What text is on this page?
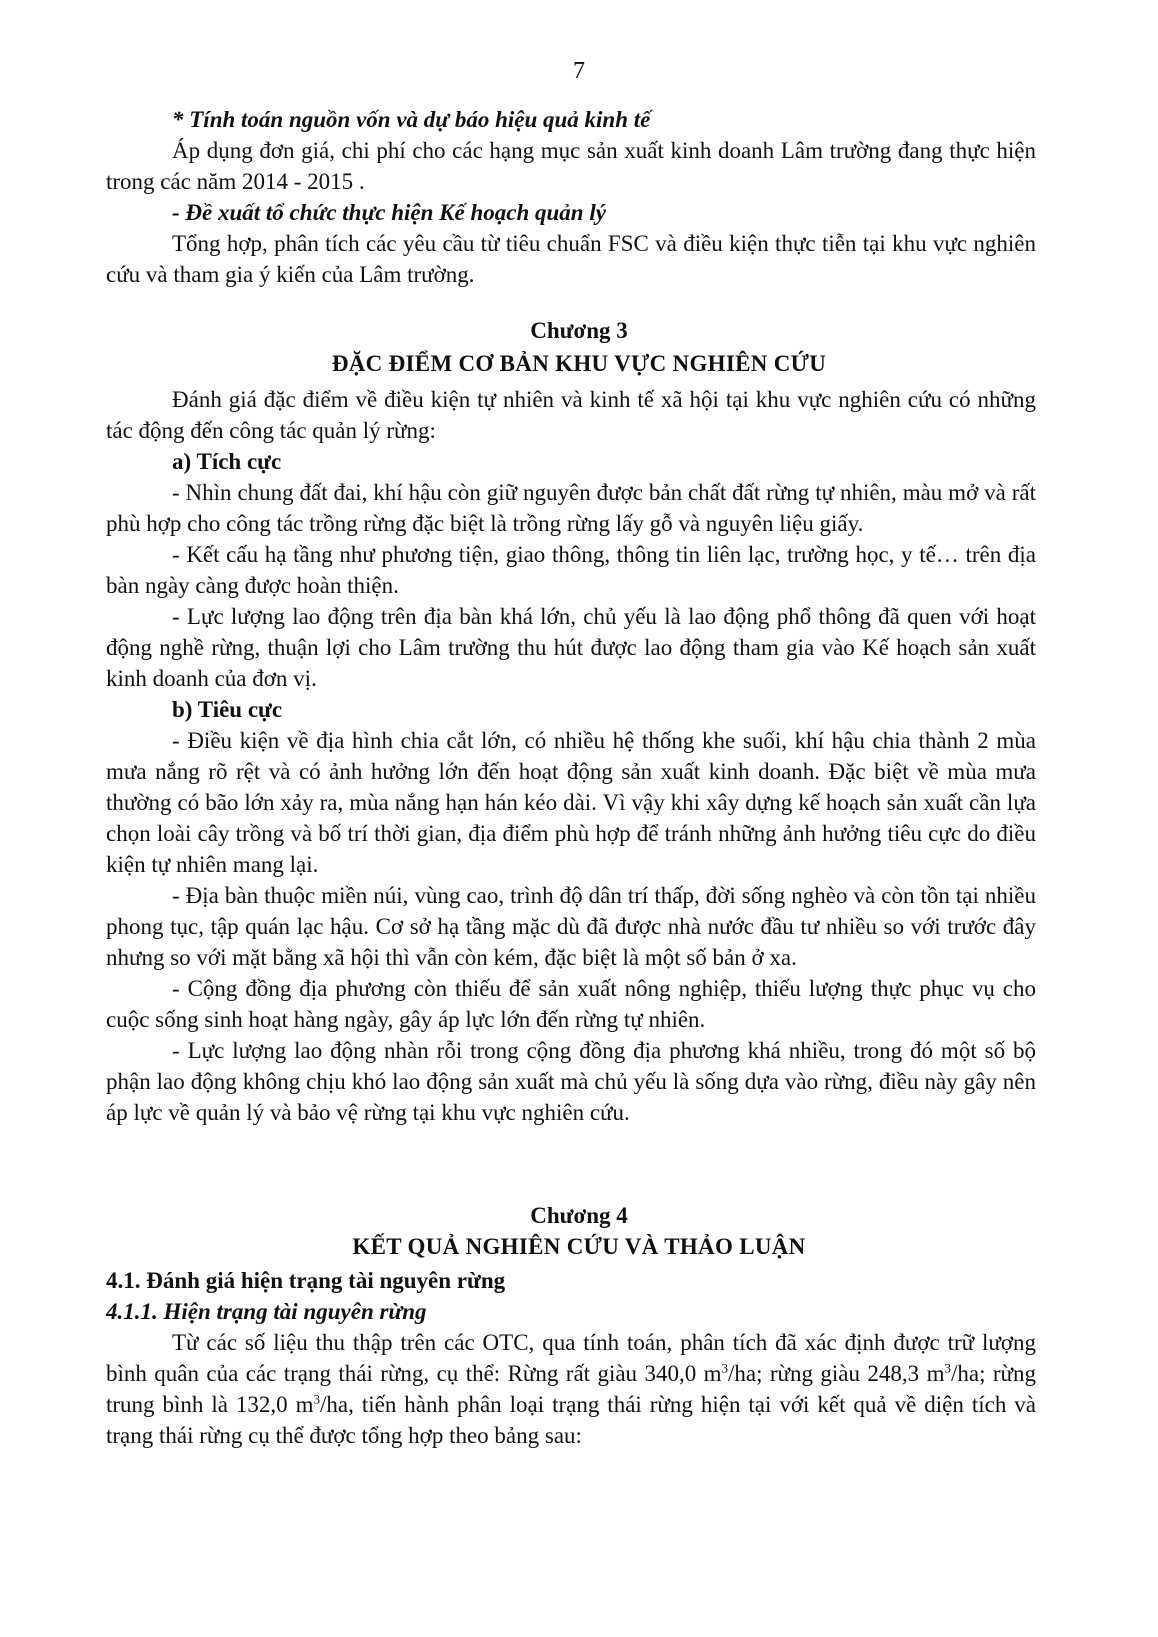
7
* Tính toán nguồn vốn và dự báo hiệu quả kinh tế
Áp dụng đơn giá, chi phí cho các hạng mục sản xuất kinh doanh Lâm trường đang thực hiện trong các năm 2014 - 2015 .
- Đề xuất tổ chức thực hiện Kế hoạch quản lý
Tổng hợp, phân tích các yêu cầu từ tiêu chuẩn FSC và điều kiện thực tiễn tại khu vực nghiên cứu và tham gia ý kiến của Lâm trường.
Chương 3
ĐẶC ĐIỂM CƠ BẢN KHU VỰC NGHIÊN CỨU
Đánh giá đặc điểm về điều kiện tự nhiên và kinh tế xã hội tại khu vực nghiên cứu có những tác động đến công tác quản lý rừng:
a) Tích cực
- Nhìn chung đất đai, khí hậu còn giữ nguyên được bản chất đất rừng tự nhiên, màu mở và rất phù hợp cho công tác trồng rừng đặc biệt là trồng rừng lấy gỗ và nguyên liệu giấy.
- Kết cấu hạ tầng như phương tiện, giao thông, thông tin liên lạc, trường học, y tế… trên địa bàn ngày càng được hoàn thiện.
- Lực lượng lao động trên địa bàn khá lớn, chủ yếu là lao động phổ thông đã quen với hoạt động nghề rừng, thuận lợi cho Lâm trường thu hút được lao động tham gia vào Kế hoạch sản xuất kinh doanh của đơn vị.
b) Tiêu cực
- Điều kiện về địa hình chia cắt lớn, có nhiều hệ thống khe suối, khí hậu chia thành 2 mùa mưa nắng rõ rệt và có ảnh hưởng lớn đến hoạt động sản xuất kinh doanh. Đặc biệt về mùa mưa thường có bão lớn xảy ra, mùa nắng hạn hán kéo dài. Vì vậy khi xây dựng kế hoạch sản xuất cần lựa chọn loài cây trồng và bố trí thời gian, địa điểm phù hợp để tránh những ảnh hưởng tiêu cực do điều kiện tự nhiên mang lại.
- Địa bàn thuộc miền núi, vùng cao, trình độ dân trí thấp, đời sống nghèo và còn tồn tại nhiều phong tục, tập quán lạc hậu. Cơ sở hạ tầng mặc dù đã được nhà nước đầu tư nhiều so với trước đây nhưng so với mặt bằng xã hội thì vẫn còn kém, đặc biệt là một số bản ở xa.
- Cộng đồng địa phương còn thiếu để sản xuất nông nghiệp, thiếu lượng thực phục vụ cho cuộc sống sinh hoạt hàng ngày, gây áp lực lớn đến rừng tự nhiên.
- Lực lượng lao động nhàn rỗi trong cộng đồng địa phương khá nhiều, trong đó một số bộ phận lao động không chịu khó lao động sản xuất mà chủ yếu là sống dựa vào rừng, điều này gây nên áp lực về quản lý và bảo vệ rừng tại khu vực nghiên cứu.
Chương 4
KẾT QUẢ NGHIÊN CỨU VÀ THẢO LUẬN
4.1. Đánh giá hiện trạng tài nguyên rừng
4.1.1. Hiện trạng tài nguyên rừng
Từ các số liệu thu thập trên các OTC, qua tính toán, phân tích đã xác định được trữ lượng bình quân của các trạng thái rừng, cụ thể: Rừng rất giàu 340,0 $m^3/ha$; rừng giàu 248,3 $m^3/ha$; rừng trung bình là 132,0 $m^3/ha$, tiến hành phân loại trạng thái rừng hiện tại với kết quả về diện tích và trạng thái rừng cụ thể được tổng hợp theo bảng sau:
